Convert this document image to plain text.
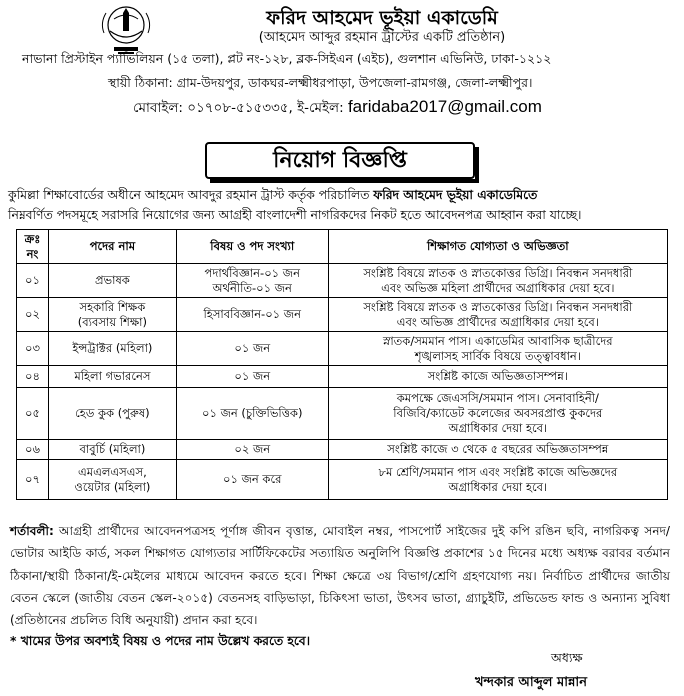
ফরিদ আহমেদ ভূইয়া একাডেমি
(আহমেদ আব্দুর রহমান ট্রাস্টের একটি প্রতিষ্ঠান)
নাভানা প্রিস্টাইন প্যাভিলিয়ন (১৫ তলা), প্লট নং-১২৮, ব্লক-সিইএন (এইচ), গুলশান এভিনিউ, ঢাকা-১২১২
স্থায়ী ঠিকানা: গ্রাম-উদয়পুর, ডাকঘর-লক্ষ্মীধরপাড়া, উপজেলা-রামগঞ্জ, জেলা-লক্ষ্মীপুর।
মোবাইল: ০১৭০৮-৫১৫৩৩৫, ই-মেইল: faridaba2017@gmail.com
নিয়োগ বিজ্ঞপ্তি
কুমিল্লা শিক্ষাবোর্ডের অধীনে আহমেদ আবদুর রহমান ট্রাস্ট কর্তৃক পরিচালিত ফরিদ আহমেদ ভূইয়া একাডেমিতে
নিম্নবর্ণিত পদসমূহে সরাসরি নিয়োগের জন্য আগ্রহী বাংলাদেশী নাগরিকদের নিকট হতে আবেদনপত্র আহ্বান করা যাচ্ছে।
ক্রঃ নং	পদের নাম	বিষয় ও পদ সংখ্যা	শিক্ষাগত যোগ্যতা ও অভিজ্ঞতা
০১	প্রভাষক	পদার্থবিজ্ঞান-০১ জন
অর্থনীতি-০১ জন	সংশ্লিষ্ট বিষয়ে স্নাতক ও স্নাতকোত্তর ডিগ্রি। নিবন্ধন সনদধারী
এবং অভিজ্ঞ মহিলা প্রার্থীদের অগ্রাধিকার দেয়া হবে।
০২	সহকারি শিক্ষক
(ব্যবসায় শিক্ষা)	হিসাববিজ্ঞান-০১ জন	সংশ্লিষ্ট বিষয়ে স্নাতক ও স্নাতকোত্তর ডিগ্রি। নিবন্ধন সনদধারী
এবং অভিজ্ঞ প্রার্থীদের অগ্রাধিকার দেয়া হবে।
০৩	ইন্সট্রাক্টর (মহিলা)	০১ জন	স্নাতক/সমমান পাস। একাডেমির আবাসিক ছাত্রীদের
শৃঙ্খলাসহ সার্বিক বিষয়ে তত্ত্বাবধান।
০৪	মহিলা গভারনেস	০১ জন	সংশ্লিষ্ট কাজে অভিজ্ঞতাসম্পন্ন।
০৫	হেড কুক (পুরুষ)	০১ জন (চুক্তিভিত্তিক)	কমপক্ষে জেএসসি/সমমান পাস। সেনাবাহিনী/
বিজিবি/ক্যাডেট কলেজের অবসরপ্রাপ্ত কুকদের
অগ্রাধিকার দেয়া হবে।
০৬	বাবুর্চি (মহিলা)	০২ জন	সংশ্লিষ্ট কাজে ৩ থেকে ৫ বছরের অভিজ্ঞতাসম্পন্ন
০৭	এমএলএসএস,
ওয়েটার (মহিলা)	০১ জন করে	৮ম শ্রেণি/সমমান পাস এবং সংশ্লিষ্ট কাজে অভিজ্ঞদের
অগ্রাধিকার দেয়া হবে।
শর্তাবলী: আগ্রহী প্রার্থীদের আবেদনপত্রসহ পূর্ণাঙ্গ জীবন বৃত্তান্ত, মোবাইল নম্বর, পাসপোর্ট সাইজের দুই কপি রঙিন ছবি, নাগরিকত্ব সনদ/ভোটার আইডি কার্ড, সকল শিক্ষাগত যোগ্যতার সার্টিফিকেটের সত্যায়িত অনুলিপি বিজ্ঞপ্তি প্রকাশের ১৫ দিনের মধ্যে অধ্যক্ষ বরাবর বর্তমান ঠিকানা/স্থায়ী ঠিকানা/ই-মেইলের মাধ্যমে আবেদন করতে হবে। শিক্ষা ক্ষেত্রে ৩য় বিভাগ/শ্রেণি গ্রহণযোগ্য নয়। নির্বাচিত প্রার্থীদের জাতীয় বেতন স্কেলে (জাতীয় বেতন স্কেল-২০১৫) বেতনসহ বাড়িভাড়া, চিকিৎসা ভাতা, উৎসব ভাতা, গ্র্যাচুইটি, প্রভিডেন্ড ফান্ড ও অন্যান্য সুবিধা (প্রতিষ্ঠানের প্রচলিত বিধি অনুযায়ী) প্রদান করা হবে।
* খামের উপর অবশ্যই বিষয় ও পদের নাম উল্লেখ করতে হবে।
অধ্যক্ষ
খন্দকার আব্দুল মান্নান
